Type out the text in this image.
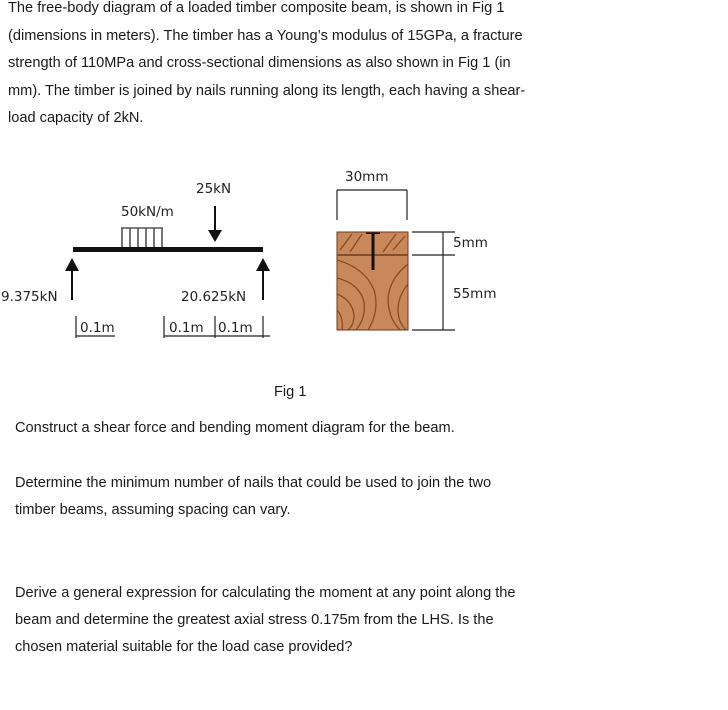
The free-body diagram of a loaded timber composite beam, is shown in Fig 1
(dimensions in meters). The timber has a Young’s modulus of 15GPa, a fracture
strength of 110MPa and cross-sectional dimensions as also shown in Fig 1 (in
mm). The timber is joined by nails running along its length, each having a shear-
load capacity of 2kN.
50kN/m
25kN
9.375kN	20.625kN
0.1m	0.1m 0.1m
30mm
5mm
55mm
Fig 1
Construct a shear force and bending moment diagram for the beam.
Determine the minimum number of nails that could be used to join the two
timber beams, assuming spacing can vary.
Derive a general expression for calculating the moment at any point along the
beam and determine the greatest axial stress 0.175m from the LHS. Is the
chosen material suitable for the load case provided?
